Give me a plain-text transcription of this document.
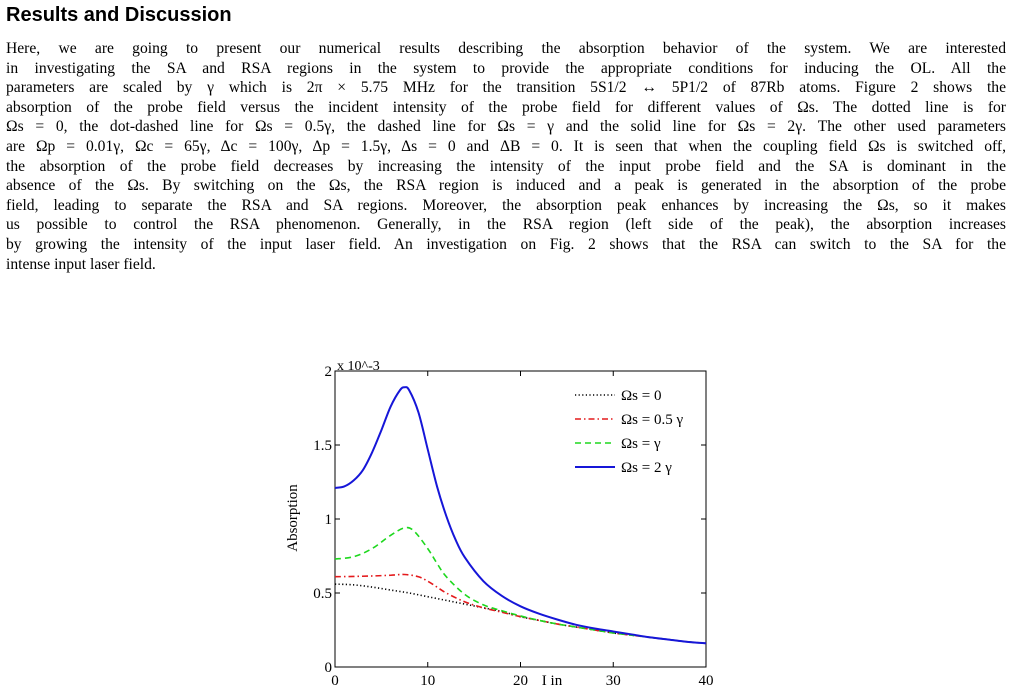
Results and Discussion
Here, we are going to present our numerical results describing the absorption behavior of the system. We are interested
in investigating the SA and RSA regions in the system to provide the appropriate conditions for inducing the OL. All the
parameters are scaled by γ which is 2π × 5.75 MHz for the transition 5S1/2 ↔ 5P1/2 of 87Rb atoms. Figure 2 shows the
absorption of the probe field versus the incident intensity of the probe field for different values of Ωs. The dotted line is for
Ωs = 0, the dot-dashed line for Ωs = 0.5γ, the dashed line for Ωs = γ and the solid line for Ωs = 2γ. The other used parameters
are Ωp = 0.01γ, Ωc = 65γ, Δc = 100γ, Δp = 1.5γ, Δs = 0 and ΔB = 0. It is seen that when the coupling field Ωs is switched off,
the absorption of the probe field decreases by increasing the intensity of the input probe field and the SA is dominant in the
absence of the Ωs. By switching on the Ωs, the RSA region is induced and a peak is generated in the absorption of the probe
field, leading to separate the RSA and SA regions. Moreover, the absorption peak enhances by increasing the Ωs, so it makes
us possible to control the RSA phenomenon. Generally, in the RSA region (left side of the peak), the absorption increases
by growing the intensity of the input laser field. An investigation on Fig. 2 shows that the RSA can switch to the SA for the
intense input laser field.
0	10	20	30	40
0
0.5
1
1.5
2 x 10^-3
Absorption
I in
Ωs = 0
Ωs = 0.5 γ
Ωs = γ
Ωs = 2 γ
